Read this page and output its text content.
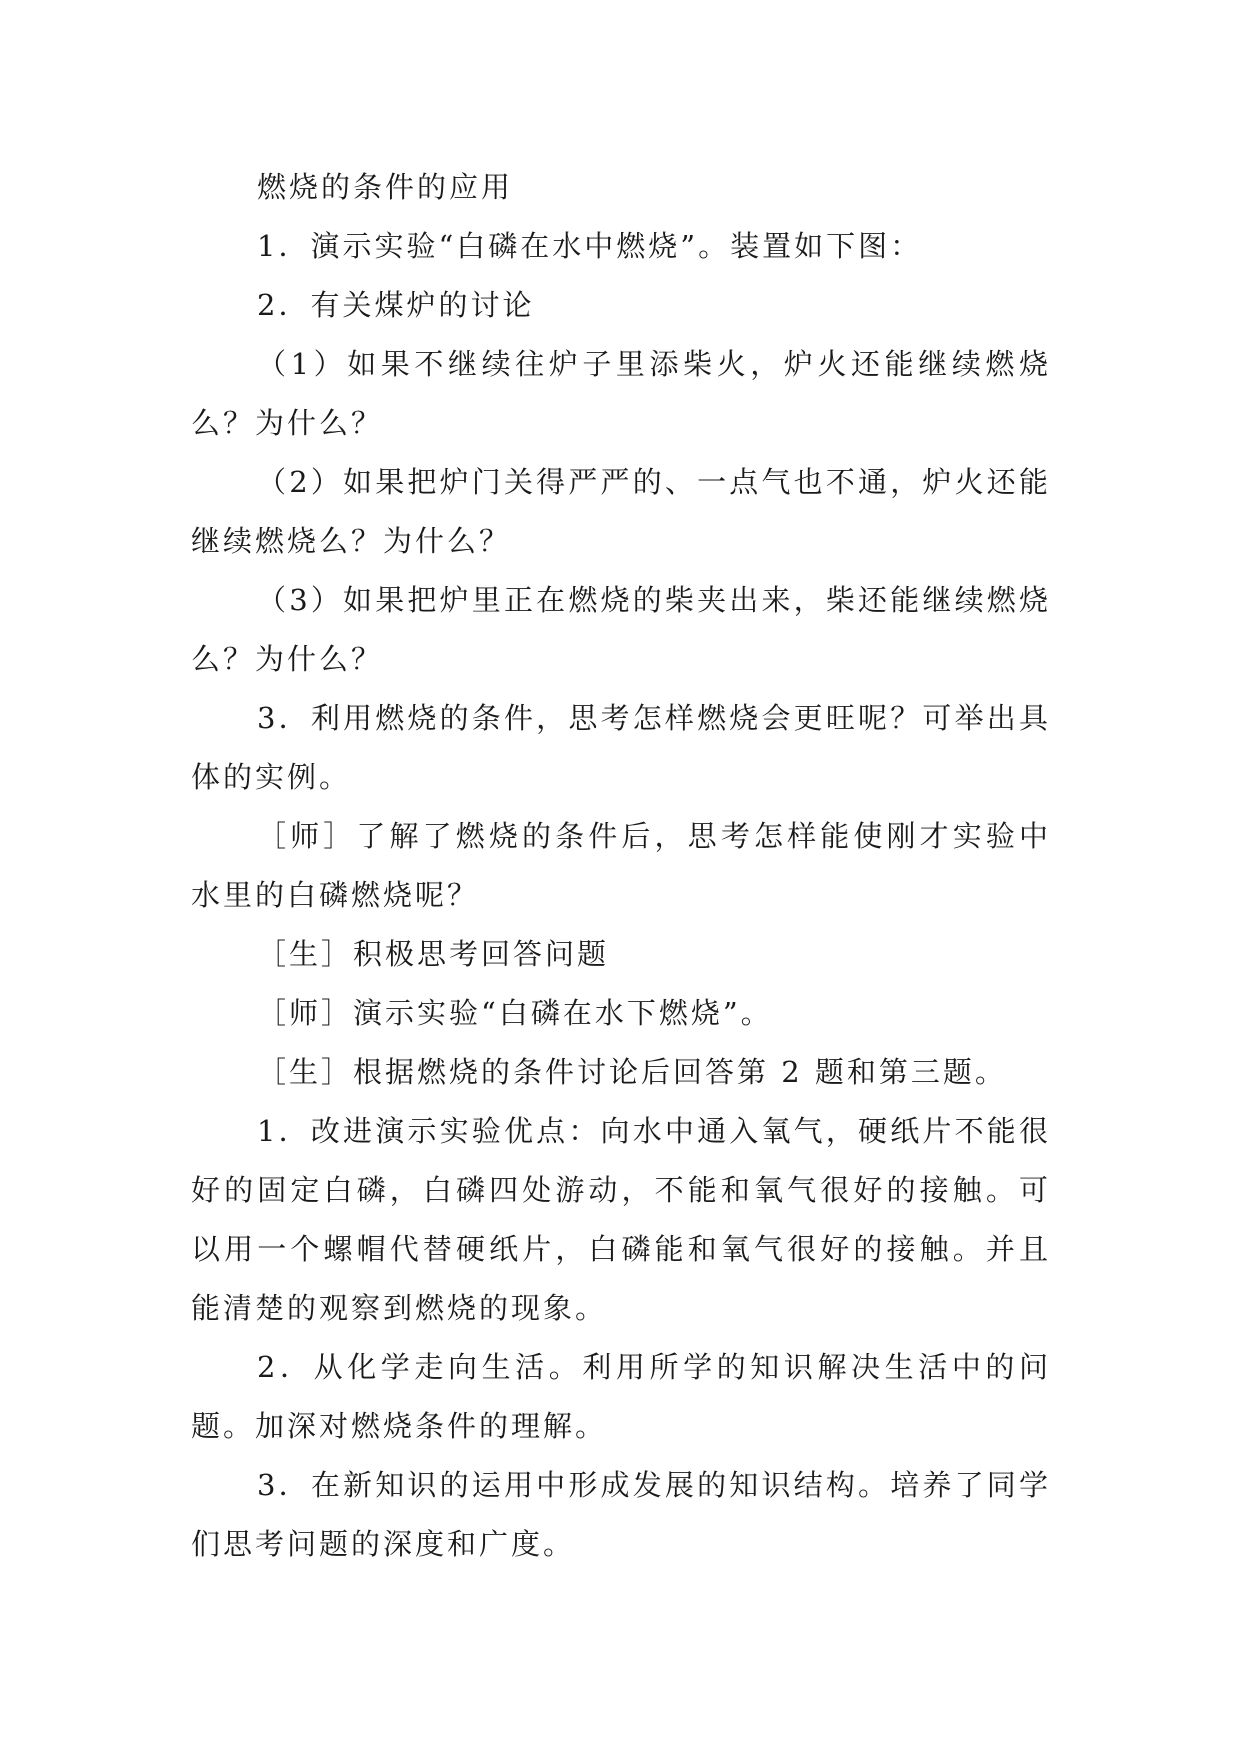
燃烧的条件的应用

1．演示实验“白磷在水中燃烧”。装置如下图：

2．有关煤炉的讨论

（1）如果不继续往炉子里添柴火，炉火还能继续燃烧么？为什么？

（2）如果把炉门关得严严的、一点气也不通，炉火还能继续燃烧么？为什么？

（3）如果把炉里正在燃烧的柴夹出来，柴还能继续燃烧么？为什么？

3．利用燃烧的条件，思考怎样燃烧会更旺呢？可举出具体的实例。

［师］了解了燃烧的条件后，思考怎样能使刚才实验中水里的白磷燃烧呢？

［生］积极思考回答问题

［师］演示实验“白磷在水下燃烧”。

［生］根据燃烧的条件讨论后回答第 2 题和第三题。

1．改进演示实验优点：向水中通入氧气，硬纸片不能很好的固定白磷，白磷四处游动，不能和氧气很好的接触。可以用一个螺帽代替硬纸片，白磷能和氧气很好的接触。并且能清楚的观察到燃烧的现象。

2．从化学走向生活。利用所学的知识解决生活中的问题。加深对燃烧条件的理解。

3．在新知识的运用中形成发展的知识结构。培养了同学们思考问题的深度和广度。
